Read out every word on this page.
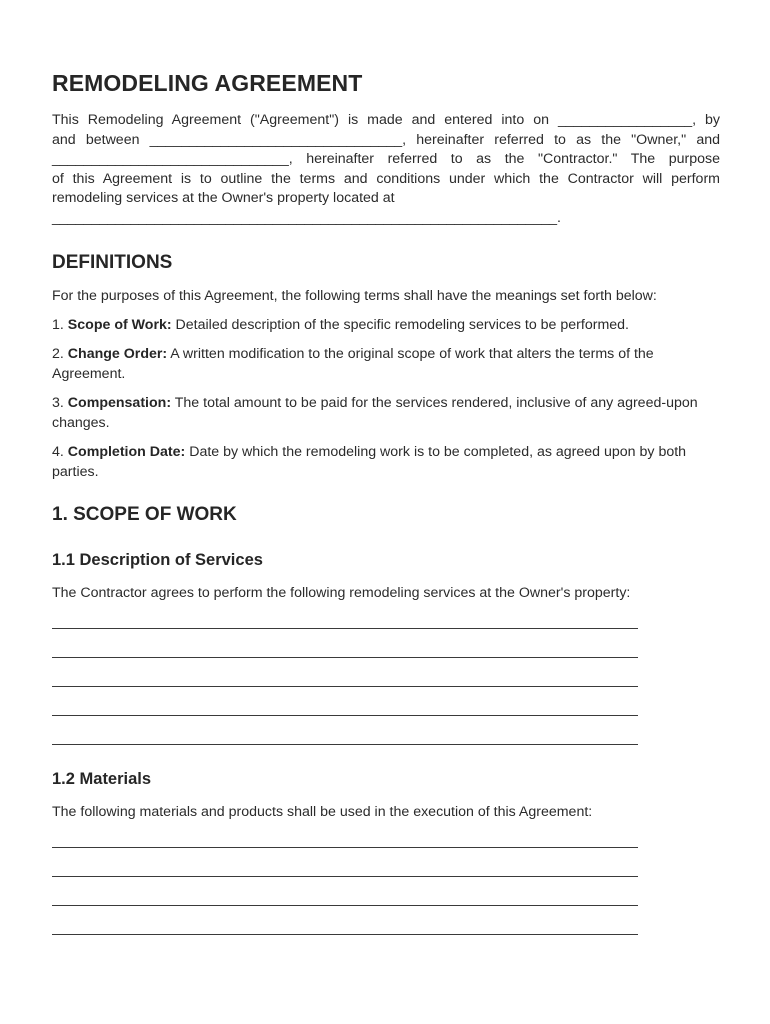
REMODELING AGREEMENT
This Remodeling Agreement ("Agreement") is made and entered into on _________________, by
and between ________________________________, hereinafter referred to as the "Owner," and
______________________________, hereinafter referred to as the "Contractor." The purpose
of this Agreement is to outline the terms and conditions under which the Contractor will perform
remodeling services at the Owner's property located at
________________________________________________________________.
DEFINITIONS

For the purposes of this Agreement, the following terms shall have the meanings set forth below:

1. Scope of Work: Detailed description of the specific remodeling services to be performed.

2. Change Order: A written modification to the original scope of work that alters the terms of the Agreement.

3. Compensation: The total amount to be paid for the services rendered, inclusive of any agreed-upon changes.

4. Completion Date: Date by which the remodeling work is to be completed, as agreed upon by both parties.

1. SCOPE OF WORK
1.1 Description of Services

The Contractor agrees to perform the following remodeling services at the Owner's property:

1.2 Materials

The following materials and products shall be used in the execution of this Agreement:
